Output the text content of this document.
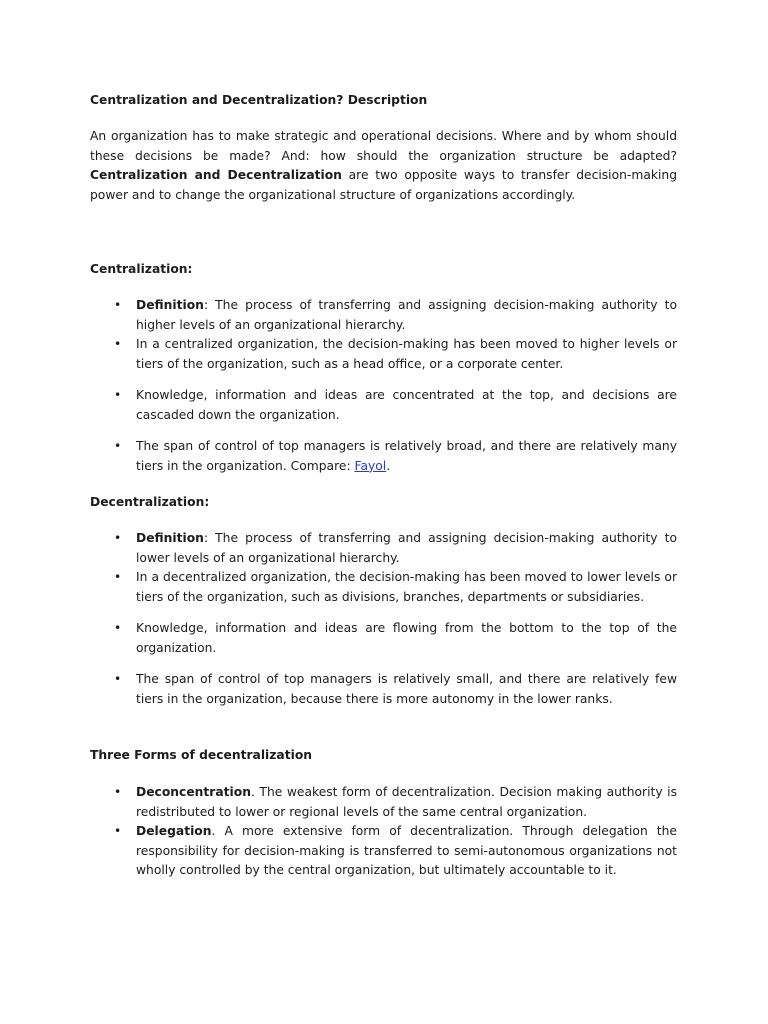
Centralization and Decentralization? Description

An organization has to make strategic and operational decisions. Where and by whom should these decisions be made? And: how should the organization structure be adapted? Centralization and Decentralization are two opposite ways to transfer decision-making power and to change the organizational structure of organizations accordingly.

Centralization:

• Definition: The process of transferring and assigning decision-making authority to higher levels of an organizational hierarchy.
• In a centralized organization, the decision-making has been moved to higher levels or tiers of the organization, such as a head office, or a corporate center.
• Knowledge, information and ideas are concentrated at the top, and decisions are cascaded down the organization.
• The span of control of top managers is relatively broad, and there are relatively many tiers in the organization. Compare: Fayol.

Decentralization:

• Definition: The process of transferring and assigning decision-making authority to lower levels of an organizational hierarchy.
• In a decentralized organization, the decision-making has been moved to lower levels or tiers of the organization, such as divisions, branches, departments or subsidiaries.
• Knowledge, information and ideas are flowing from the bottom to the top of the organization.
• The span of control of top managers is relatively small, and there are relatively few tiers in the organization, because there is more autonomy in the lower ranks.

Three Forms of decentralization

• Deconcentration. The weakest form of decentralization. Decision making authority is redistributed to lower or regional levels of the same central organization.
• Delegation. A more extensive form of decentralization. Through delegation the responsibility for decision-making is transferred to semi-autonomous organizations not wholly controlled by the central organization, but ultimately accountable to it.
